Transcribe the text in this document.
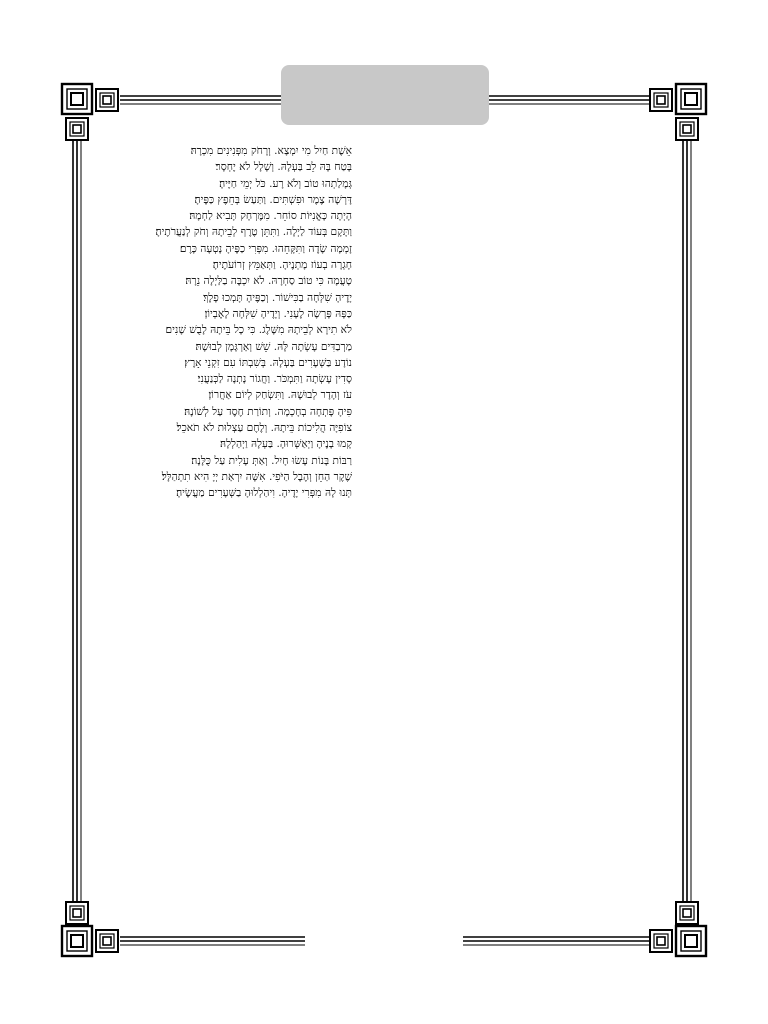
אֵשֶׁת חַיִל מִי יִמְצָא. וְרָחֹק מִפְּנִינִים מִכְרָהּ׃
בָּטַח בָּהּ לֵב בַּעְלָהּ. וְשָׁלָל לֹא יֶחְסָר׃
גְּמָלַתְהוּ טוֹב וְלֹא רָע. כֹּל יְמֵי חַיֶּיהָ׃
דָּרְשָׁה צֶמֶר וּפִשְׁתִּים. וַתַּעַשׂ בְּחֵפֶץ כַּפֶּיהָ׃
הָיְתָה כָּאֳנִיּוֹת סוֹחֵר. מִמֶּרְחָק תָּבִיא לַחְמָהּ׃
וַתָּקָם בְּעוֹד לַיְלָה. וַתִּתֵּן טֶרֶף לְבֵיתָהּ וְחֹק לְנַעֲרֹתֶיהָ׃
זָמְמָה שָׂדֶה וַתִּקָּחֵהוּ. מִפְּרִי כַפֶּיהָ נָטְעָה כָּרֶם׃
חָגְרָה בְעוֹז מָתְנֶיהָ. וַתְּאַמֵּץ זְרוֹעֹתֶיהָ׃
טָעֲמָה כִּי טוֹב סַחְרָהּ. לֹא יִכְבֶּה בַלַּיְלָה נֵרָהּ׃
יָדֶיהָ שִׁלְּחָה בַכִּישׁוֹר. וְכַפֶּיהָ תָּמְכוּ פָלֶךְ׃
כַּפָּהּ פָּרְשָׂה לֶעָנִי. וְיָדֶיהָ שִׁלְּחָה לָאֶבְיוֹן׃
לֹא תִירָא לְבֵיתָהּ מִשָּׁלֶג. כִּי כָל בֵּיתָהּ לָבֻשׁ שָׁנִים׃
מַרְבַדִּים עָשְׂתָה לָּהּ. שֵׁשׁ וְאַרְגָּמָן לְבוּשָׁהּ׃
נוֹדָע בַּשְּׁעָרִים בַּעְלָהּ. בְּשִׁבְתּוֹ עִם זִקְנֵי אָרֶץ׃
סָדִין עָשְׂתָה וַתִּמְכֹּר. וַחֲגוֹר נָתְנָה לַכְּנַעֲנִי׃
עֹז וְהָדָר לְבוּשָׁהּ. וַתִּשְׂחַק לְיוֹם אַחֲרוֹן׃
פִּיהָ פָּתְחָה בְחָכְמָה. וְתוֹרַת חֶסֶד עַל לְשׁוֹנָהּ׃
צוֹפִיָּה הֲלִיכוֹת בֵּיתָהּ. וְלֶחֶם עַצְלוּת לֹא תֹאכֵל׃
קָמוּ בָנֶיהָ וַיְאַשְּׁרוּהָ. בַּעְלָהּ וַיְהַלְלָהּ׃
רַבּוֹת בָּנוֹת עָשׂוּ חָיִל. וְאַתְּ עָלִית עַל כֻּלָּנָה׃
שֶׁקֶר הַחֵן וְהֶבֶל הַיֹּפִי. אִשָּׁה יִרְאַת יְיָ הִיא תִתְהַלָּל׃
תְּנוּ לָהּ מִפְּרִי יָדֶיהָ. וִיהַלְלוּהָ בַשְּׁעָרִים מַעֲשֶׂיהָ׃
